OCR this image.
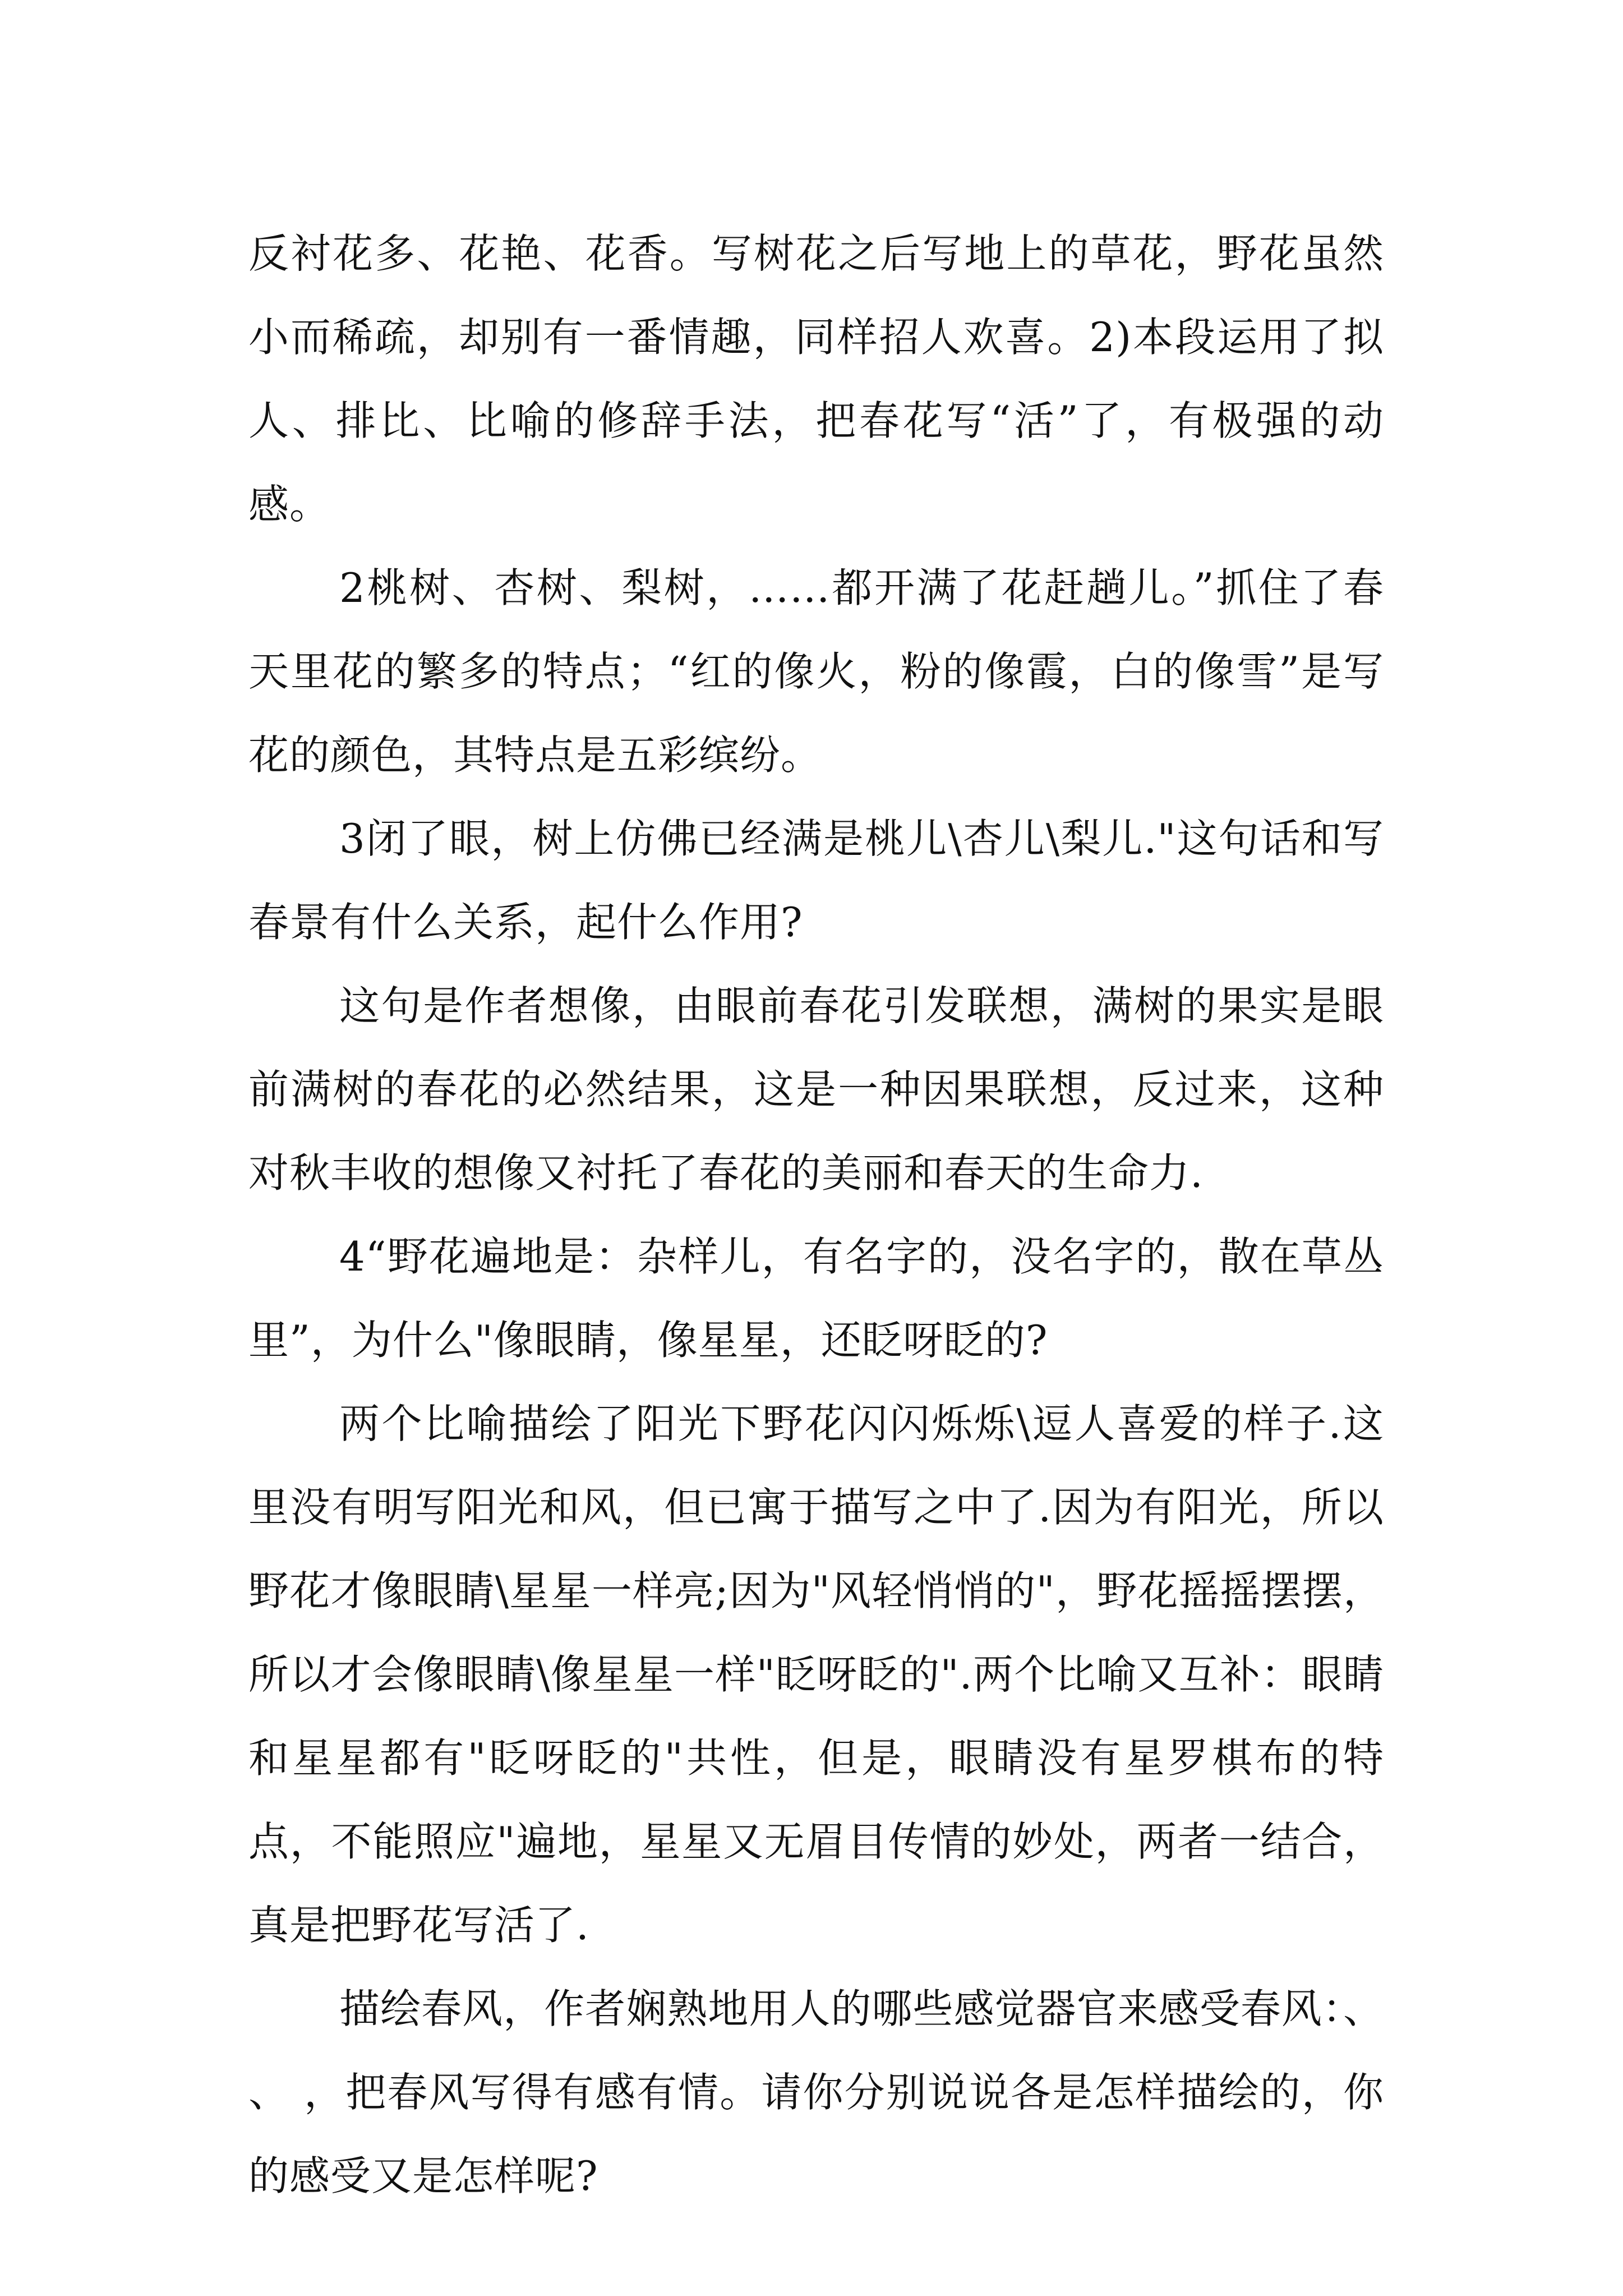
反衬花多、花艳、花香。写树花之后写地上的草花，野花虽然小而稀疏，却别有一番情趣，同样招人欢喜。2)本段运用了拟人、排比、比喻的修辞手法，把春花写“活”了，有极强的动感。

2桃树、杏树、梨树，……都开满了花赶趟儿。”抓住了春天里花的繁多的特点；“红的像火，粉的像霞，白的像雪”是写花的颜色，其特点是五彩缤纷。

3闭了眼，树上仿佛已经满是桃儿\杏儿\梨儿."这句话和写春景有什么关系，起什么作用?

这句是作者想像，由眼前春花引发联想，满树的果实是眼前满树的春花的必然结果，这是一种因果联想，反过来，这种对秋丰收的想像又衬托了春花的美丽和春天的生命力.

4“野花遍地是：杂样儿，有名字的，没名字的，散在草丛里”，为什么"像眼睛，像星星，还眨呀眨的?

两个比喻描绘了阳光下野花闪闪烁烁\逗人喜爱的样子.这里没有明写阳光和风，但已寓于描写之中了.因为有阳光，所以野花才像眼睛\星星一样亮;因为"风轻悄悄的"，野花摇摇摆摆，所以才会像眼睛\像星星一样"眨呀眨的".两个比喻又互补：眼睛和星星都有"眨呀眨的"共性，但是，眼睛没有星罗棋布的特点，不能照应"遍地，星星又无眉目传情的妙处，两者一结合，真是把野花写活了.

描绘春风，作者娴熟地用人的哪些感觉器官来感受春风：、 、 ，把春风写得有感有情。请你分别说说各是怎样描绘的，你的感受又是怎样呢?
